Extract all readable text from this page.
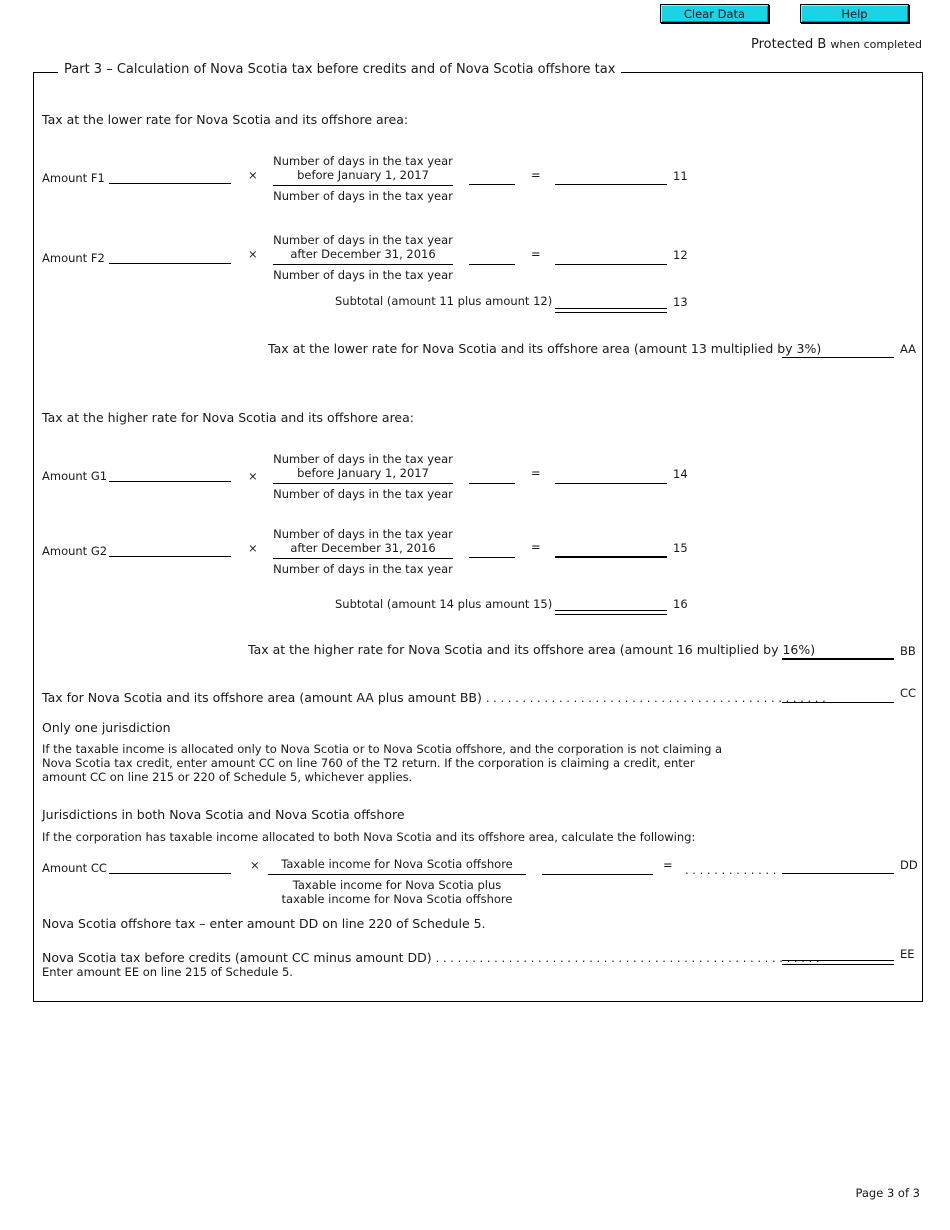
Clear Data	Help
Protected B when completed
Part 3 – Calculation of Nova Scotia tax before credits and of Nova Scotia offshore tax
Tax at the lower rate for Nova Scotia and its offshore area:
Amount F1	×
Number of days in the tax year
before January 1, 2017
Number of days in the tax year
=	11
Amount F2	×
Number of days in the tax year
after December 31, 2016
Number of days in the tax year
=	12
Subtotal (amount 11 plus amount 12)	13
Tax at the lower rate for Nova Scotia and its offshore area (amount 13 multiplied by 3%)	AA
Tax at the higher rate for Nova Scotia and its offshore area:
Amount G1	×
Number of days in the tax year
before January 1, 2017
Number of days in the tax year
=	14
Amount G2	×
Number of days in the tax year
after December 31, 2016
Number of days in the tax year
=	15
Subtotal (amount 14 plus amount 15)	16
Tax at the higher rate for Nova Scotia and its offshore area (amount 16 multiplied by 16%)	BB
Tax for Nova Scotia and its offshore area (amount AA plus amount BB) . . . . . . . . . . . . . . . . . . . . . . . . . . . . . . . . . . . . . . . . . . . . . . .	CC
Only one jurisdiction
If the taxable income is allocated only to Nova Scotia or to Nova Scotia offshore, and the corporation is not claiming a
Nova Scotia tax credit, enter amount CC on line 760 of the T2 return. If the corporation is claiming a credit, enter
amount CC on line 215 or 220 of Schedule 5, whichever applies.
Jurisdictions in both Nova Scotia and Nova Scotia offshore
If the corporation has taxable income allocated to both Nova Scotia and its offshore area, calculate the following:
Amount CC	×	Taxable income for Nova Scotia offshore
Taxable income for Nova Scotia plus
taxable income for Nova Scotia offshore
= . . . . . . . . . . . . .	DD
Nova Scotia offshore tax – enter amount DD on line 220 of Schedule 5.
Nova Scotia tax before credits (amount CC minus amount DD) . . . . . . . . . . . . . . . . . . . . . . . . . . . . . . . . . . . . . . . . . . . . . . . . . . . . .
Enter amount EE on line 215 of Schedule 5.
EE
Page 3 of 3
